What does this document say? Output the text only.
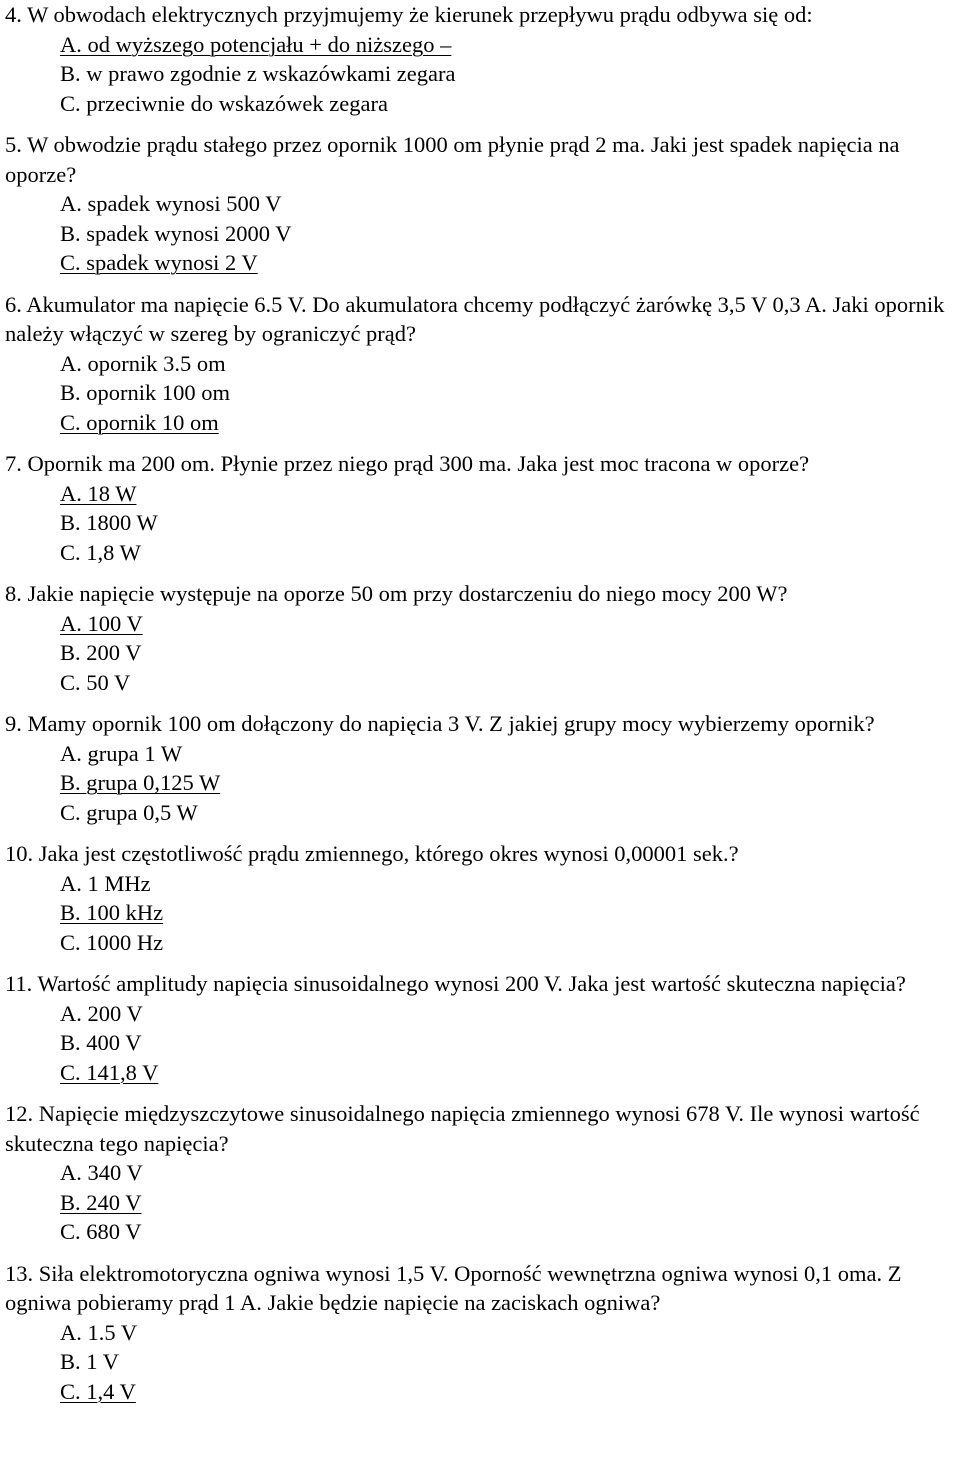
4. W obwodach elektrycznych przyjmujemy że kierunek przepływu prądu odbywa się od:
A. od wyższego potencjału + do niższego –
B. w prawo zgodnie z wskazówkami zegara
C. przeciwnie do wskazówek zegara
5. W obwodzie prądu stałego przez opornik 1000 om płynie prąd 2 ma. Jaki jest spadek napięcia na oporze?
A. spadek wynosi 500 V
B. spadek wynosi 2000 V
C. spadek wynosi 2 V
6. Akumulator ma napięcie 6.5 V. Do akumulatora chcemy podłączyć żarówkę 3,5 V 0,3 A. Jaki opornik należy włączyć w szereg by ograniczyć prąd?
A. opornik 3.5 om
B. opornik 100 om
C. opornik 10 om
7. Opornik ma 200 om. Płynie przez niego prąd 300 ma. Jaka jest moc tracona w oporze?
A. 18 W
B. 1800 W
C. 1,8 W
8. Jakie napięcie występuje na oporze 50 om przy dostarczeniu do niego mocy 200 W?
A. 100 V
B. 200 V
C. 50 V
9. Mamy opornik 100 om dołączony do napięcia 3 V. Z jakiej grupy mocy wybierzemy opornik?
A. grupa 1 W
B. grupa 0,125 W
C. grupa 0,5 W
10. Jaka jest częstotliwość prądu zmiennego, którego okres wynosi 0,00001 sek.?
A. 1 MHz
B. 100 kHz
C. 1000 Hz
11. Wartość amplitudy napięcia sinusoidalnego wynosi 200 V. Jaka jest wartość skuteczna napięcia?
A. 200 V
B. 400 V
C. 141,8 V
12. Napięcie międzyszczytowe sinusoidalnego napięcia zmiennego wynosi 678 V. Ile wynosi wartość skuteczna tego napięcia?
A. 340 V
B. 240 V
C. 680 V
13. Siła elektromotoryczna ogniwa wynosi 1,5 V. Oporność wewnętrzna ogniwa wynosi 0,1 oma. Z ogniwa pobieramy prąd 1 A. Jakie będzie napięcie na zaciskach ogniwa?
A. 1.5 V
B. 1 V
C. 1,4 V
